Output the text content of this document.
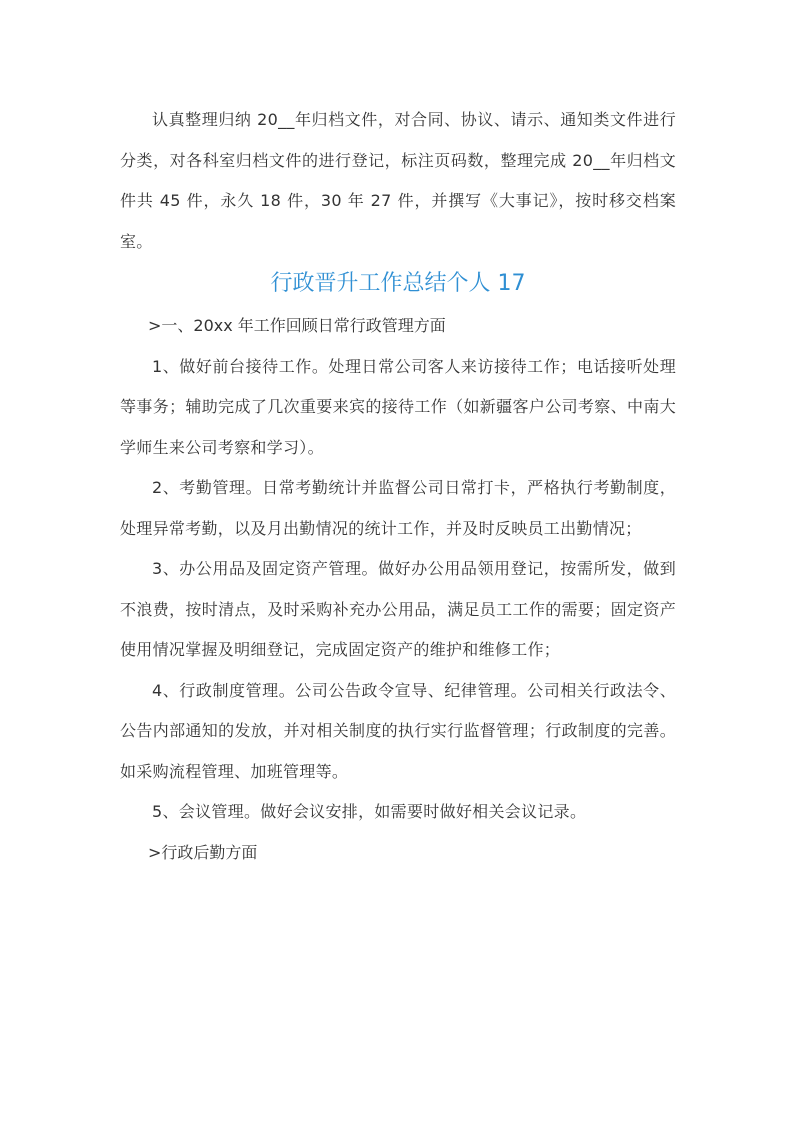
认真整理归纳 20__年归档文件，对合同、协议、请示、通知类文件进行分类，对各科室归档文件的进行登记，标注页码数，整理完成 20__年归档文件共 45 件，永久 18 件，30 年 27 件，并撰写《大事记》，按时移交档案室。

行政晋升工作总结个人 17

>一、20xx 年工作回顾日常行政管理方面

1、做好前台接待工作。处理日常公司客人来访接待工作；电话接听处理等事务；辅助完成了几次重要来宾的接待工作（如新疆客户公司考察、中南大学师生来公司考察和学习）。

2、考勤管理。日常考勤统计并监督公司日常打卡，严格执行考勤制度，处理异常考勤，以及月出勤情况的统计工作，并及时反映员工出勤情况；

3、办公用品及固定资产管理。做好办公用品领用登记，按需所发，做到不浪费，按时清点，及时采购补充办公用品，满足员工工作的需要；固定资产使用情况掌握及明细登记，完成固定资产的维护和维修工作；

4、行政制度管理。公司公告政令宣导、纪律管理。公司相关行政法令、公告内部通知的发放，并对相关制度的执行实行监督管理；行政制度的完善。如采购流程管理、加班管理等。

5、会议管理。做好会议安排，如需要时做好相关会议记录。

>行政后勤方面
